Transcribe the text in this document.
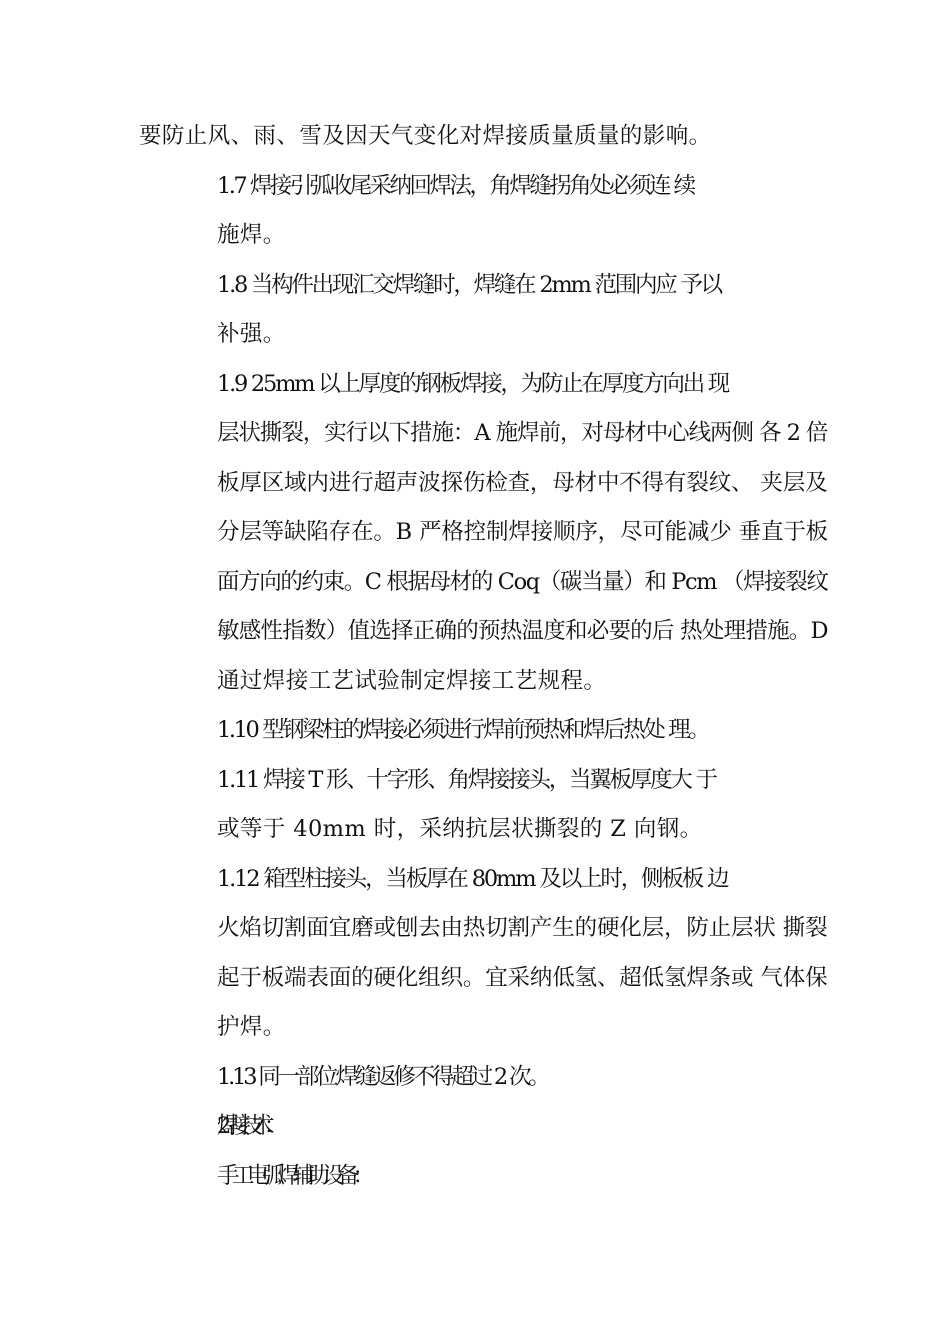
要防止风、雨、雪及因天气变化对焊接质量质量的影响。

1.7 焊接引弧收尾采纳回焊法，角焊缝拐角处必须连 续
施焊。

1.8 当构件出现汇交焊缝时，焊缝在 2mm 范围内应 予以
补强。

1.9 25mm 以上厚度的钢板焊接，为防止在厚度方向出 现
层状撕裂，实行以下措施：A 施焊前，对母材中心线两侧 各 2 倍
板厚区域内进行超声波探伤检查，母材中不得有裂纹、 夹层及
分层等缺陷存在。B 严格控制焊接顺序，尽可能减少 垂直于板
面方向的约束。C 根据母材的 Coq（碳当量）和 Pcm （焊接裂纹
敏感性指数）值选择正确的预热温度和必要的后 热处理措施。D
通过焊接工艺试验制定焊接工艺规程。

1.10 型钢梁柱的焊接必须进行焊前预热和焊后热处 理。

1.11 焊接 T 形、十字形、角焊接接头，当翼板厚度大 于
或等于 40mm 时，采纳抗层状撕裂的 Z 向钢。

1.12 箱型柱接头，当板厚在 80mm 及以上时，侧板板 边
火焰切割面宜磨或刨去由热切割产生的硬化层，防止层状 撕裂
起于板端表面的硬化组织。宜采纳低氢、超低氢焊条或 气体保
护焊。

1.13 同一部位焊缝返修不得超过 2 次。

2 焊接技术：

手工电弧焊辅助设备：
